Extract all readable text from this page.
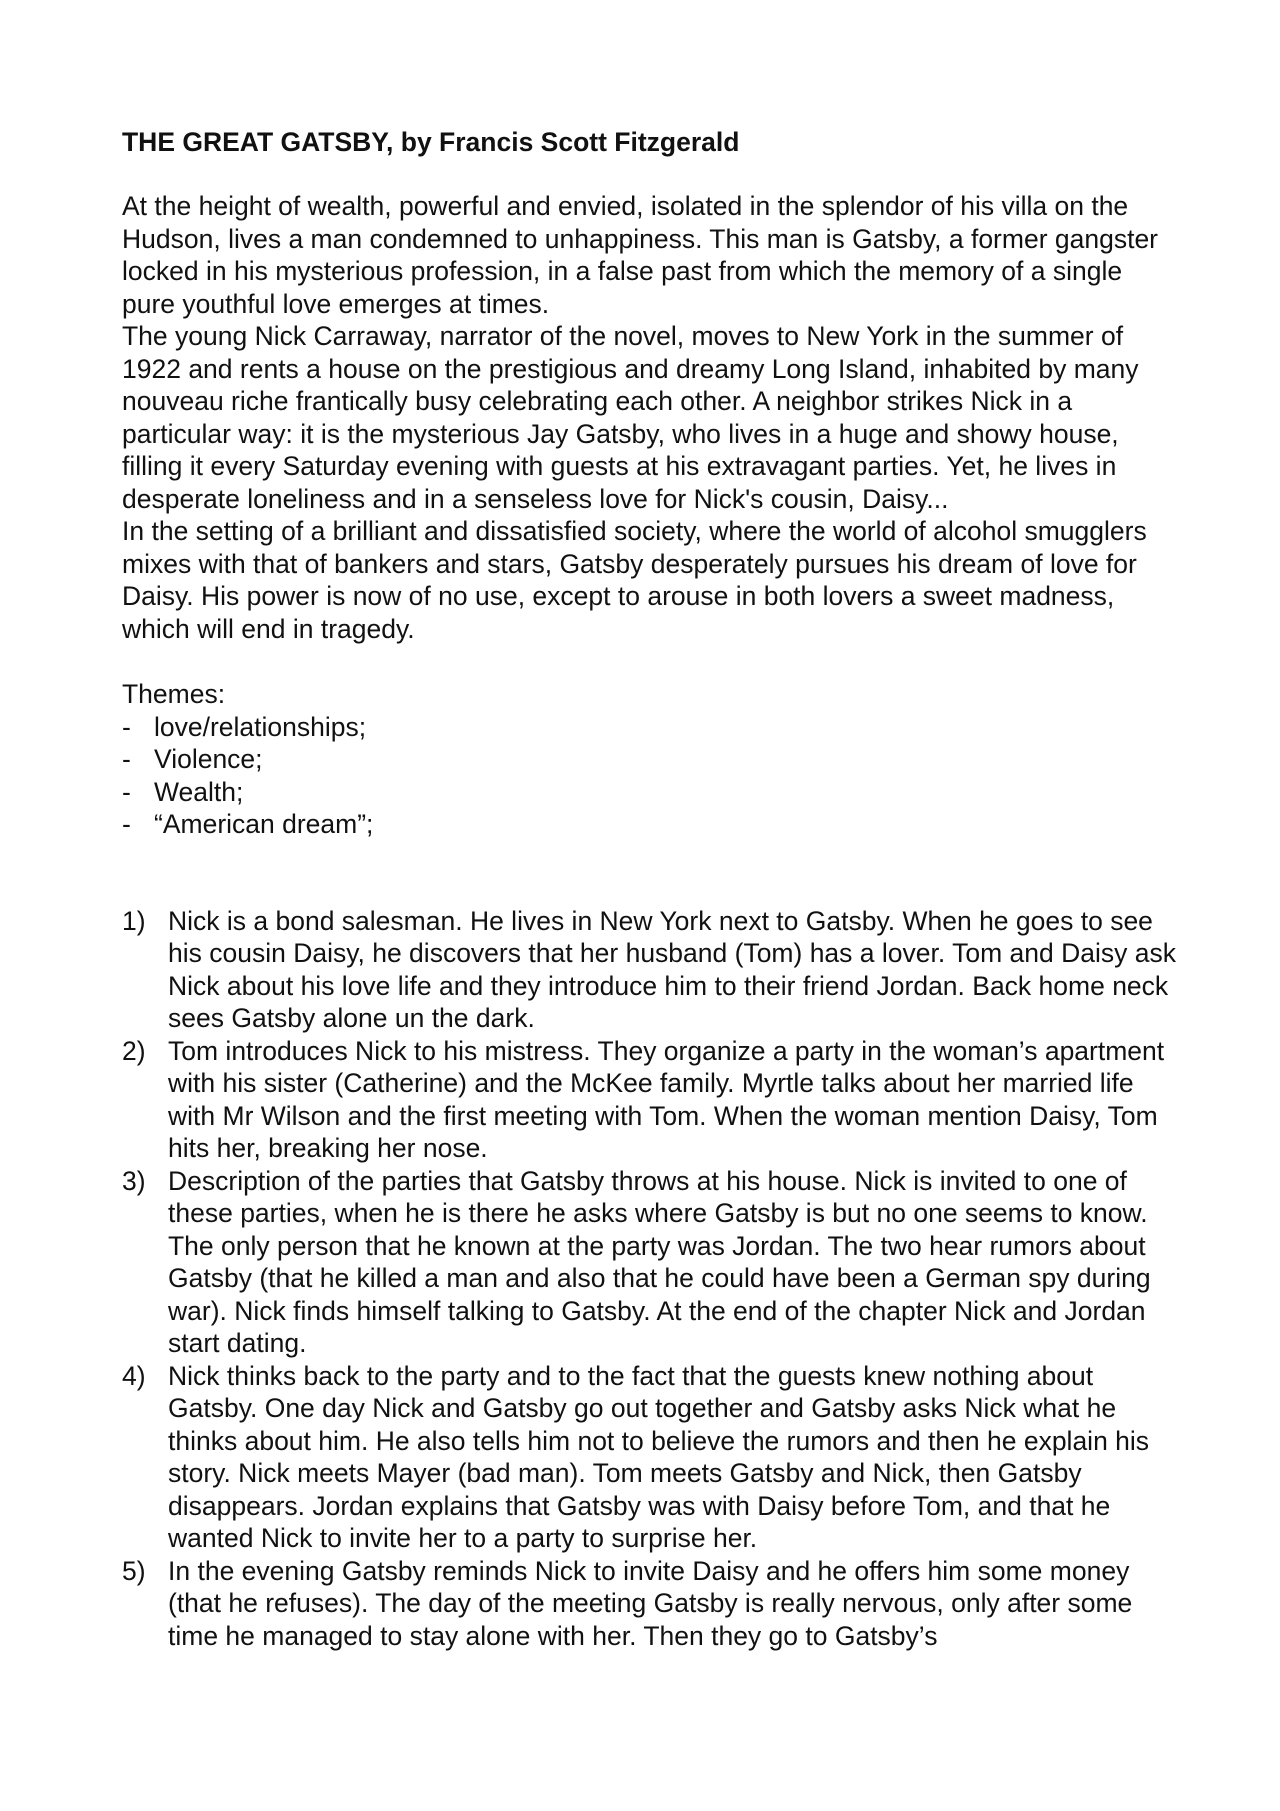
THE GREAT GATSBY, by Francis Scott Fitzgerald

At the height of wealth, powerful and envied, isolated in the splendor of his villa on the Hudson, lives a man condemned to unhappiness. This man is Gatsby, a former gangster locked in his mysterious profession, in a false past from which the memory of a single pure youthful love emerges at times.

The young Nick Carraway, narrator of the novel, moves to New York in the summer of 1922 and rents a house on the prestigious and dreamy Long Island, inhabited by many nouveau riche frantically busy celebrating each other. A neighbor strikes Nick in a particular way: it is the mysterious Jay Gatsby, who lives in a huge and showy house, filling it every Saturday evening with guests at his extravagant parties. Yet, he lives in desperate loneliness and in a senseless love for Nick's cousin, Daisy...

In the setting of a brilliant and dissatisfied society, where the world of alcohol smugglers mixes with that of bankers and stars, Gatsby desperately pursues his dream of love for Daisy. His power is now of no use, except to arouse in both lovers a sweet madness, which will end in tragedy.

Themes:
- love/relationships;
- Violence;
- Wealth;
- “American dream”;
1) Nick is a bond salesman. He lives in New York next to Gatsby. When he goes to see his cousin Daisy, he discovers that her husband (Tom) has a lover. Tom and Daisy ask Nick about his love life and they introduce him to their friend Jordan. Back home neck sees Gatsby alone un the dark.
2) Tom introduces Nick to his mistress. They organize a party in the woman’s apartment with his sister (Catherine) and the McKee family. Myrtle talks about her married life with Mr Wilson and the first meeting with Tom. When the woman mention Daisy, Tom hits her, breaking her nose.
3) Description of the parties that Gatsby throws at his house. Nick is invited to one of these parties, when he is there he asks where Gatsby is but no one seems to know. The only person that he known at the party was Jordan. The two hear rumors about Gatsby (that he killed a man and also that he could have been a German spy during war). Nick finds himself talking to Gatsby. At the end of the chapter Nick and Jordan start dating.
4) Nick thinks back to the party and to the fact that the guests knew nothing about Gatsby. One day Nick and Gatsby go out together and Gatsby asks Nick what he thinks about him. He also tells him not to believe the rumors and then he explain his story. Nick meets Mayer (bad man). Tom meets Gatsby and Nick, then Gatsby disappears. Jordan explains that Gatsby was with Daisy before Tom, and that he wanted Nick to invite her to a party to surprise her.
5) In the evening Gatsby reminds Nick to invite Daisy and he offers him some money (that he refuses). The day of the meeting Gatsby is really nervous, only after some time he managed to stay alone with her. Then they go to Gatsby’s
